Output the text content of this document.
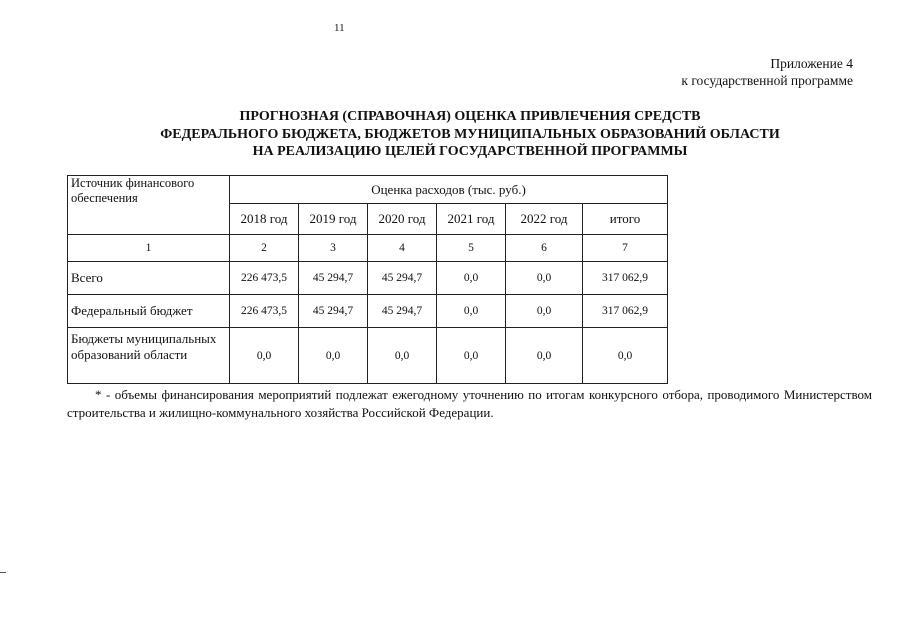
11
Приложение 4
к государственной программе
ПРОГНОЗНАЯ (СПРАВОЧНАЯ) ОЦЕНКА ПРИВЛЕЧЕНИЯ СРЕДСТВ
ФЕДЕРАЛЬНОГО БЮДЖЕТА, БЮДЖЕТОВ МУНИЦИПАЛЬНЫХ ОБРАЗОВАНИЙ ОБЛАСТИ
НА РЕАЛИЗАЦИЮ ЦЕЛЕЙ ГОСУДАРСТВЕННОЙ ПРОГРАММЫ
Источник финансового обеспечения	Оценка расходов (тыс. руб.)					
	2018 год	2019 год	2020 год	2021 год	2022 год	итого
1	2	3	4	5	6	7
Всего	226 473,5	45 294,7	45 294,7	0,0	0,0	317 062,9
Федеральный бюджет	226 473,5	45 294,7	45 294,7	0,0	0,0	317 062,9
Бюджеты муниципальных образований области	0,0	0,0	0,0	0,0	0,0	0,0
* - объемы финансирования мероприятий подлежат ежегодному уточнению по итогам конкурсного отбора, проводимого Министерством строительства и жилищно-коммунального хозяйства Российской Федерации.
